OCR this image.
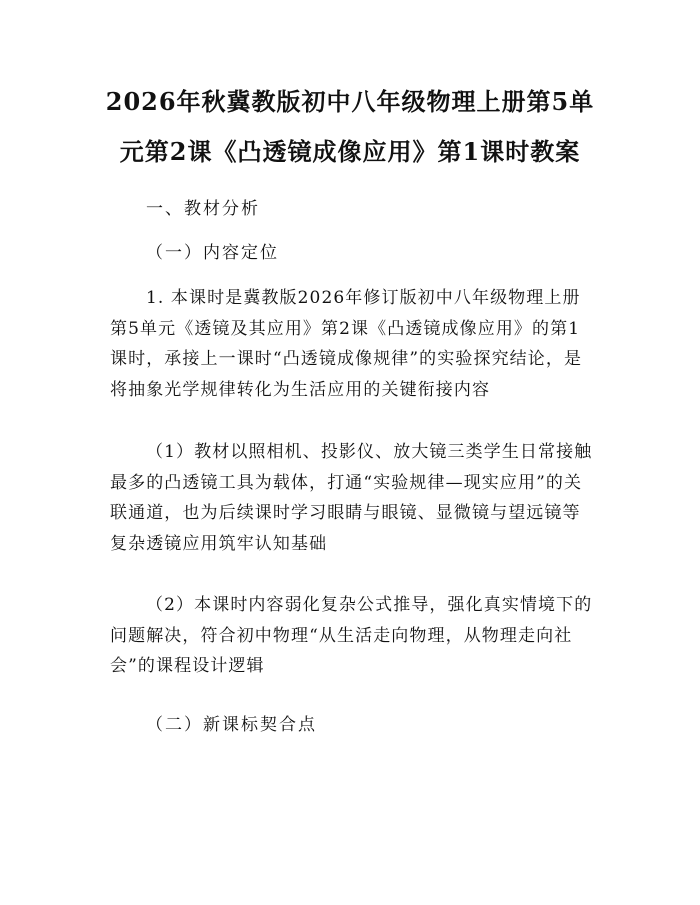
2026年秋冀教版初中八年级物理上册第5单
元第2课《凸透镜成像应用》第1课时教案
一、教材分析
（一）内容定位
1. 本课时是冀教版2026年修订版初中八年级物理上册第5单元《透镜及其应用》第2课《凸透镜成像应用》的第1课时，承接上一课时“凸透镜成像规律”的实验探究结论，是将抽象光学规律转化为生活应用的关键衔接内容
（1）教材以照相机、投影仪、放大镜三类学生日常接触最多的凸透镜工具为载体，打通“实验规律—现实应用”的关联通道，也为后续课时学习眼睛与眼镜、显微镜与望远镜等复杂透镜应用筑牢认知基础
（2）本课时内容弱化复杂公式推导，强化真实情境下的问题解决，符合初中物理“从生活走向物理，从物理走向社会”的课程设计逻辑
（二）新课标契合点
